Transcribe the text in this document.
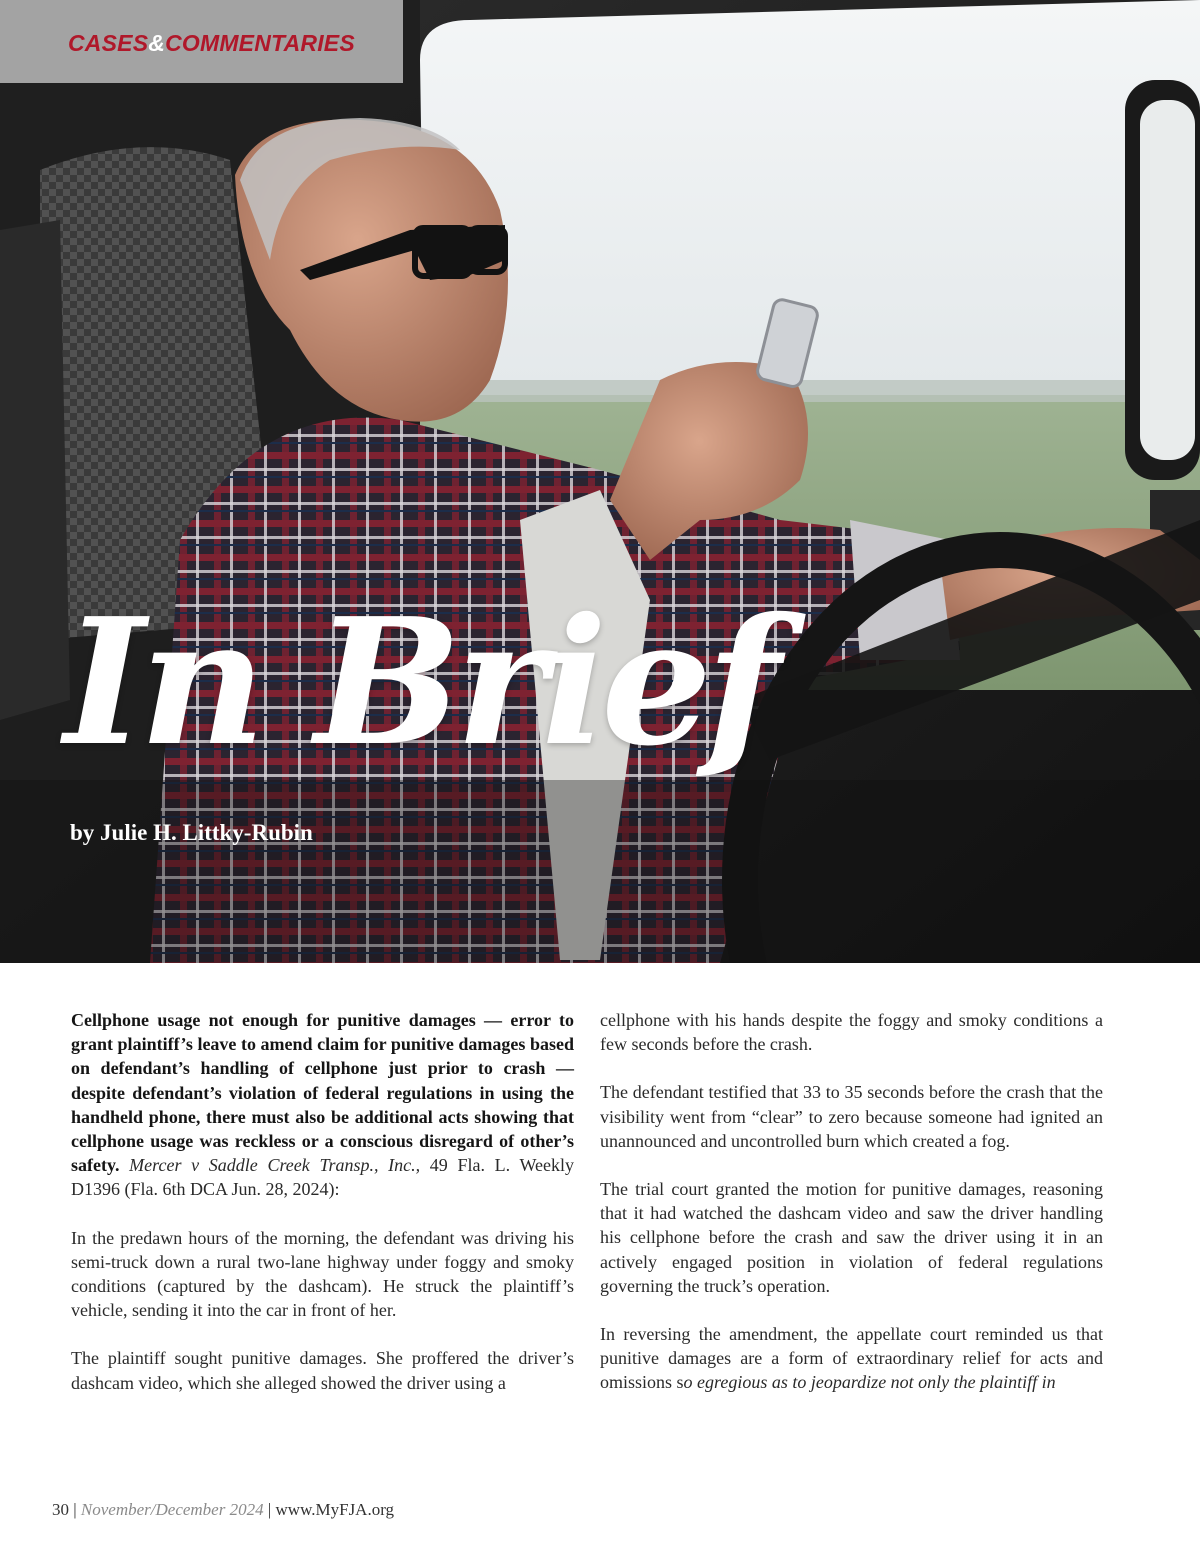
CASES&COMMENTARIES
In Brief
by Julie H. Littky-Rubin

Cellphone usage not enough for punitive damages — error to grant plaintiff’s leave to amend claim for punitive damages based on defendant’s handling of cellphone just prior to crash — despite defendant’s violation of federal regulations in using the handheld phone, there must also be additional acts showing that cellphone usage was reckless or a conscious disregard of other’s safety. Mercer v Saddle Creek Transp., Inc., 49 Fla. L. Weekly D1396 (Fla. 6th DCA Jun. 28, 2024):

In the predawn hours of the morning, the defendant was driving his semi-truck down a rural two-lane highway under foggy and smoky conditions (captured by the dashcam). He struck the plaintiff’s vehicle, sending it into the car in front of her.

The plaintiff sought punitive damages. She proffered the driver’s dashcam video, which she alleged showed the driver using a

cellphone with his hands despite the foggy and smoky conditions a few seconds before the crash.

The defendant testified that 33 to 35 seconds before the crash that the visibility went from “clear” to zero because someone had ignited an unannounced and uncontrolled burn which created a fog.

The trial court granted the motion for punitive damages, reasoning that it had watched the dashcam video and saw the driver handling his cellphone before the crash and saw the driver using it in an actively engaged position in violation of federal regulations governing the truck’s operation.

In reversing the amendment, the appellate court reminded us that punitive damages are a form of extraordinary relief for acts and omissions so egregious as to jeopardize not only the plaintiff in

30 | November/December 2024 | www.MyFJA.org
